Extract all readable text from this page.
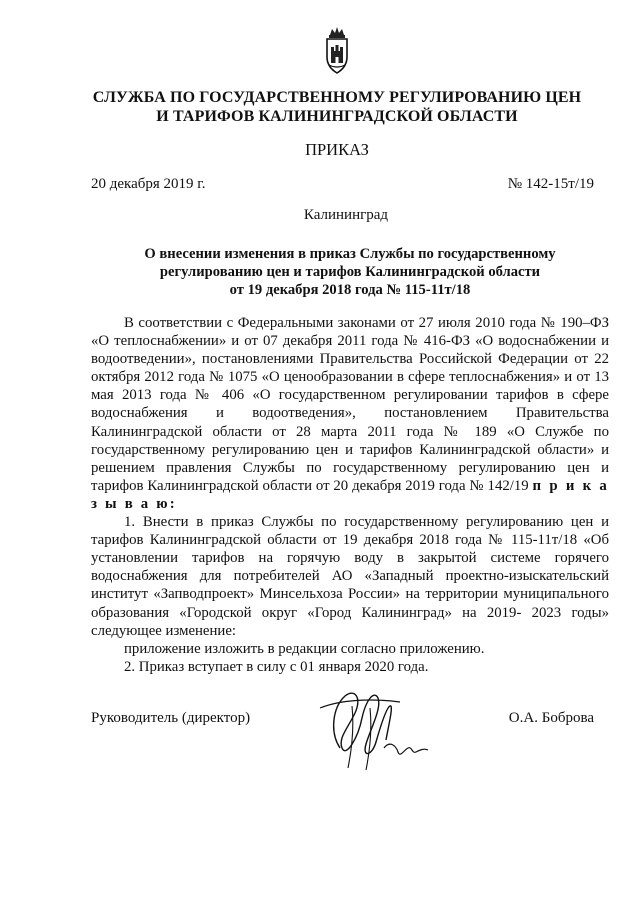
СЛУЖБА ПО ГОСУДАРСТВЕННОМУ РЕГУЛИРОВАНИЮ ЦЕН
И ТАРИФОВ КАЛИНИНГРАДСКОЙ ОБЛАСТИ
ПРИКАЗ
20 декабря 2019 г.	№ 142-15т/19
Калининград
О внесении изменения в приказ Службы по государственному
регулированию цен и тарифов Калининградской области
от 19 декабря 2018 года № 115-11т/18

В соответствии с Федеральными законами от 27 июля 2010 года № 190–ФЗ «О теплоснабжении» и от 07 декабря 2011 года № 416-ФЗ «О водоснабжении и водоотведении», постановлениями Правительства Российской Федерации от 22 октября 2012 года № 1075 «О ценообразовании в сфере теплоснабжения» и от 13 мая 2013 года № 406 «О государственном регулировании тарифов в сфере водоснабжения и водоотведения», постановлением Правительства Калининградской области от 28 марта 2011 года № 189 «О Службе по государственному регулированию цен и тарифов Калининградской области» и решением правления Службы по государственному регулированию цен и тарифов Калининградской области от 20 декабря 2019 года № 142/19 п р и к а з ы в а ю:

1. Внести в приказ Службы по государственному регулированию цен и тарифов Калининградской области от 19 декабря 2018 года № 115-11т/18 «Об установлении тарифов на горячую воду в закрытой системе горячего водоснабжения для потребителей АО «Западный проектно-изыскательский институт «Запводпроект» Минсельхоза России» на территории муниципального образования «Городской округ «Город Калининград» на 2019- 2023 годы» следующее изменение:

приложение изложить в редакции согласно приложению.

2. Приказ вступает в силу с 01 января 2020 года.

Руководитель (директор)	О.А. Боброва
